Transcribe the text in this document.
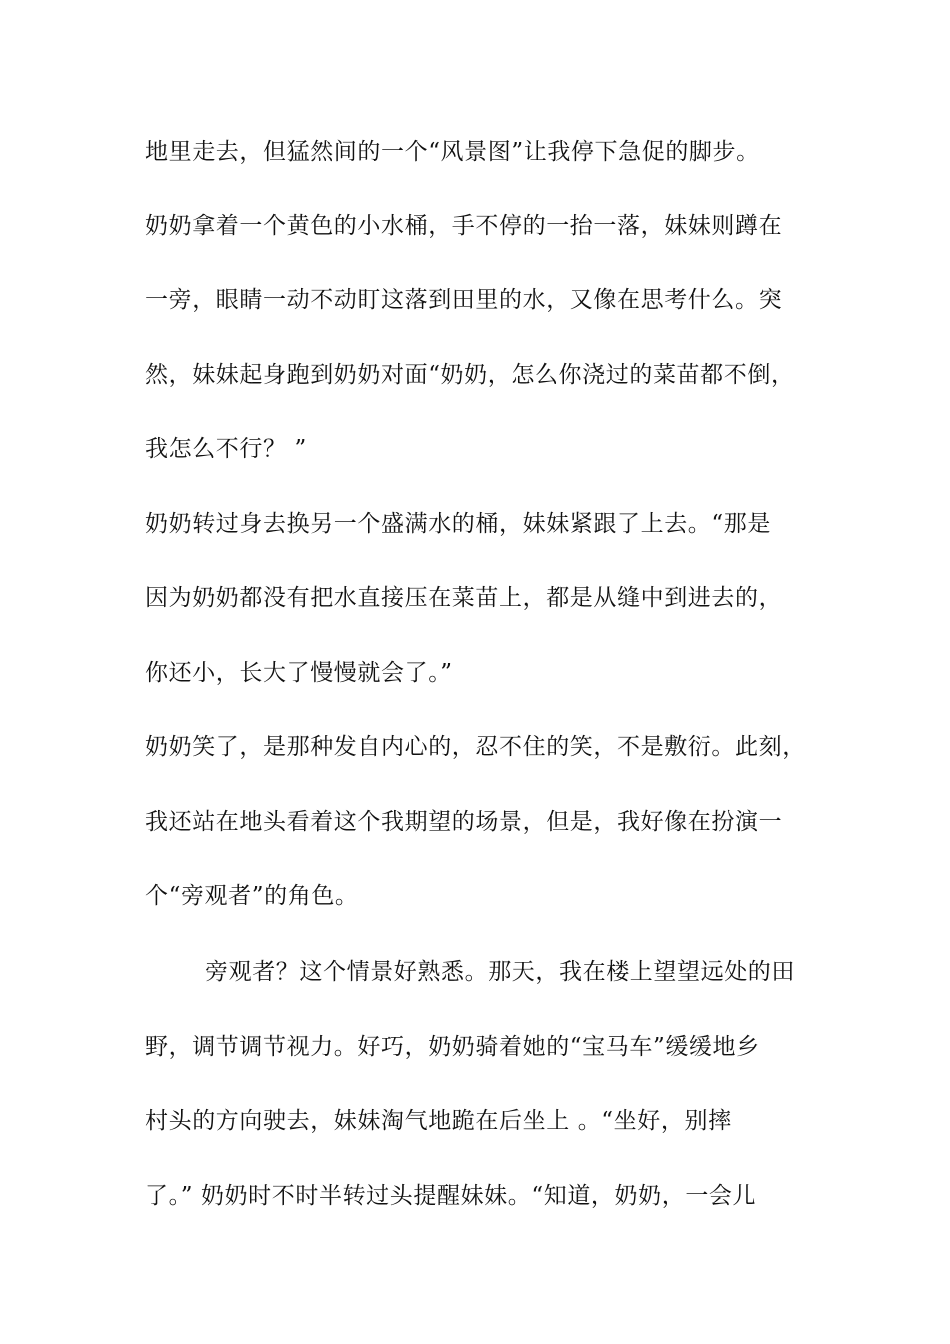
地里走去，但猛然间的一个“风景图”让我停下急促的脚步。
奶奶拿着一个黄色的小水桶，手不停的一抬一落，妹妹则蹲在
一旁，眼睛一动不动盯这落到田里的水，又像在思考什么。突
然，妹妹起身跑到奶奶对面“奶奶，怎么你浇过的菜苗都不倒，
我怎么不行？ ”
奶奶转过身去换另一个盛满水的桶，妹妹紧跟了上去。“那是
因为奶奶都没有把水直接压在菜苗上，都是从缝中到进去的，
你还小，长大了慢慢就会了。”
奶奶笑了，是那种发自内心的，忍不住的笑，不是敷衍。此刻，
我还站在地头看着这个我期望的场景，但是，我好像在扮演一
个“旁观者”的角色。
旁观者？这个情景好熟悉。那天，我在楼上望望远处的田
野，调节调节视力。好巧，奶奶骑着她的“宝马车”缓缓地乡
村头的方向驶去，妹妹淘气地跪在后坐上 。“坐好，别摔
了。” 奶奶时不时半转过头提醒妹妹。“知道，奶奶，一会儿
